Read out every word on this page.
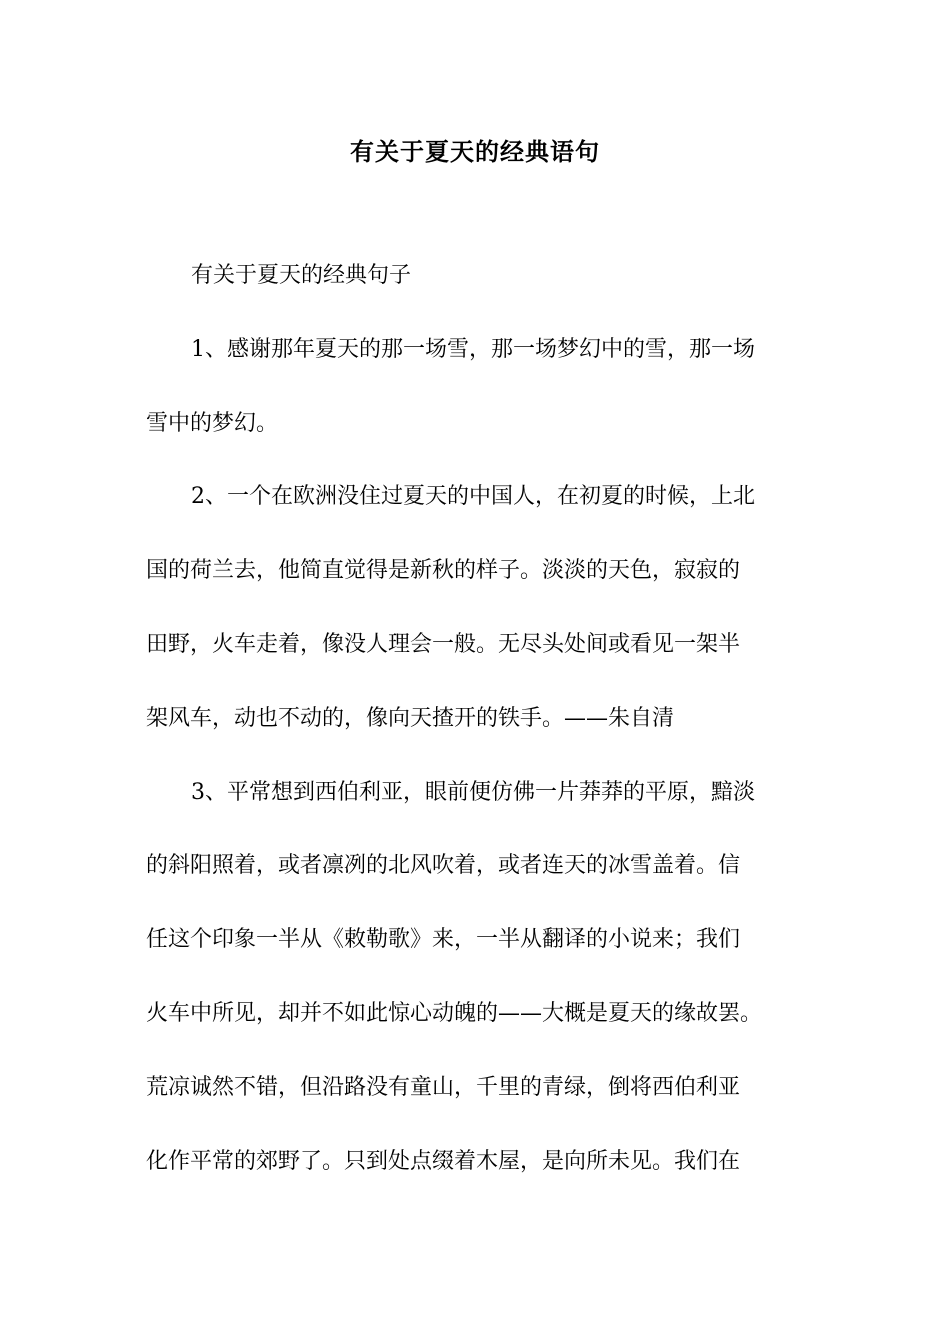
有关于夏天的经典语句
有关于夏天的经典句子
1、感谢那年夏天的那一场雪，那一场梦幻中的雪，那一场
雪中的梦幻。
2、一个在欧洲没住过夏天的中国人，在初夏的时候，上北
国的荷兰去，他简直觉得是新秋的样子。淡淡的天色，寂寂的
田野，火车走着，像没人理会一般。无尽头处间或看见一架半
架风车，动也不动的，像向天揸开的铁手。——朱自清
3、平常想到西伯利亚，眼前便仿佛一片莽莽的平原，黯淡
的斜阳照着，或者凛冽的北风吹着，或者连天的冰雪盖着。信
任这个印象一半从《敕勒歌》来，一半从翻译的小说来；我们
火车中所见，却并不如此惊心动魄的——大概是夏天的缘故罢。
荒凉诚然不错，但沿路没有童山，千里的青绿，倒将西伯利亚
化作平常的郊野了。只到处点缀着木屋，是向所未见。我们在
